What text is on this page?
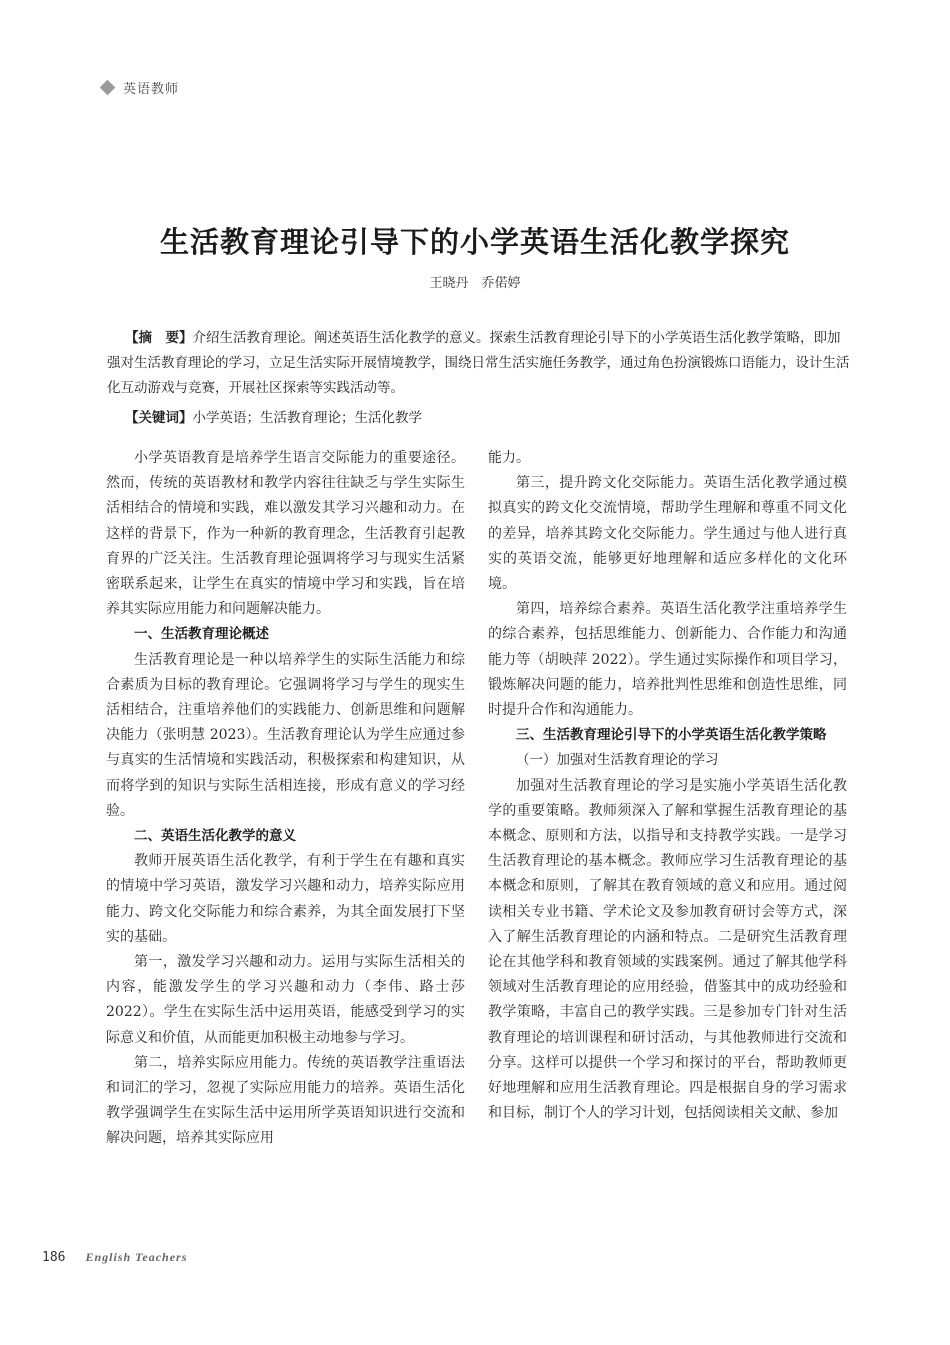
英语教师
生活教育理论引导下的小学英语生活化教学探究
王晓丹　乔偌婷
【摘　要】介绍生活教育理论。阐述英语生活化教学的意义。探索生活教育理论引导下的小学英语生活化教学策略，即加强对生活教育理论的学习，立足生活实际开展情境教学，围绕日常生活实施任务教学，通过角色扮演锻炼口语能力，设计生活化互动游戏与竞赛，开展社区探索等实践活动等。
【关键词】小学英语；生活教育理论；生活化教学

小学英语教育是培养学生语言交际能力的重要途径。然而，传统的英语教材和教学内容往往缺乏与学生实际生活相结合的情境和实践，难以激发其学习兴趣和动力。在这样的背景下，作为一种新的教育理念，生活教育引起教育界的广泛关注。生活教育理论强调将学习与现实生活紧密联系起来，让学生在真实的情境中学习和实践，旨在培养其实际应用能力和问题解决能力。

一、生活教育理论概述

生活教育理论是一种以培养学生的实际生活能力和综合素质为目标的教育理论。它强调将学习与学生的现实生活相结合，注重培养他们的实践能力、创新思维和问题解决能力（张明慧 2023）。生活教育理论认为学生应通过参与真实的生活情境和实践活动，积极探索和构建知识，从而将学到的知识与实际生活相连接，形成有意义的学习经验。

二、英语生活化教学的意义

教师开展英语生活化教学，有利于学生在有趣和真实的情境中学习英语，激发学习兴趣和动力，培养实际应用能力、跨文化交际能力和综合素养，为其全面发展打下坚实的基础。

第一，激发学习兴趣和动力。运用与实际生活相关的内容，能激发学生的学习兴趣和动力（李伟、路士莎 2022）。学生在实际生活中运用英语，能感受到学习的实际意义和价值，从而能更加积极主动地参与学习。

第二，培养实际应用能力。传统的英语教学注重语法和词汇的学习，忽视了实际应用能力的培养。英语生活化教学强调学生在实际生活中运用所学英语知识进行交流和解决问题，培养其实际应用

能力。

第三，提升跨文化交际能力。英语生活化教学通过模拟真实的跨文化交流情境，帮助学生理解和尊重不同文化的差异，培养其跨文化交际能力。学生通过与他人进行真实的英语交流，能够更好地理解和适应多样化的文化环境。

第四，培养综合素养。英语生活化教学注重培养学生的综合素养，包括思维能力、创新能力、合作能力和沟通能力等（胡映萍 2022）。学生通过实际操作和项目学习，锻炼解决问题的能力，培养批判性思维和创造性思维，同时提升合作和沟通能力。

三、生活教育理论引导下的小学英语生活化教学策略
（一）加强对生活教育理论的学习

加强对生活教育理论的学习是实施小学英语生活化教学的重要策略。教师须深入了解和掌握生活教育理论的基本概念、原则和方法，以指导和支持教学实践。一是学习生活教育理论的基本概念。教师应学习生活教育理论的基本概念和原则，了解其在教育领域的意义和应用。通过阅读相关专业书籍、学术论文及参加教育研讨会等方式，深入了解生活教育理论的内涵和特点。二是研究生活教育理论在其他学科和教育领域的实践案例。通过了解其他学科领域对生活教育理论的应用经验，借鉴其中的成功经验和教学策略，丰富自己的教学实践。三是参加专门针对生活教育理论的培训课程和研讨活动，与其他教师进行交流和分享。这样可以提供一个学习和探讨的平台，帮助教师更好地理解和应用生活教育理论。四是根据自身的学习需求和目标，制订个人的学习计划，包括阅读相关文献、参加

186 English Teachers
